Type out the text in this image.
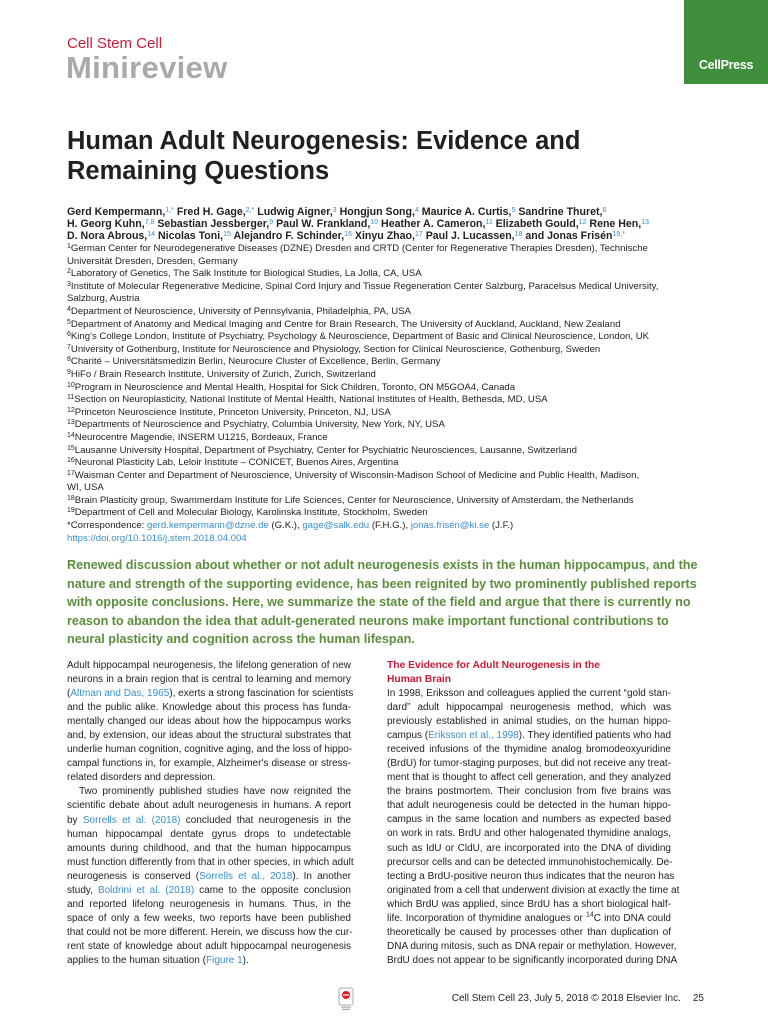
Cell Stem Cell
Minireview	CellPress
Human Adult Neurogenesis: Evidence and
Remaining Questions
Gerd Kempermann,$^{1,*}$ Fred H. Gage,$^{2,*}$ Ludwig Aigner,$^3$ Hongjun Song,$^4$ Maurice A. Curtis,$^5$ Sandrine Thuret,$^6$
H. Georg Kuhn,$^{7,8}$ Sebastian Jessberger,$^9$ Paul W. Frankland,$^{10}$ Heather A. Cameron,$^{11}$ Elizabeth Gould,$^{12}$ Rene Hen,$^{13}$
D. Nora Abrous,$^{14}$ Nicolas Toni,$^{15}$ Alejandro F. Schinder,$^{16}$ Xinyu Zhao,$^{17}$ Paul J. Lucassen,$^{18}$ and Jonas Frisén$^{19,*}$
$^1$German Center for Neurodegenerative Diseases (DZNE) Dresden and CRTD (Center for Regenerative Therapies Dresden), Technische
Universität Dresden, Dresden, Germany
$^2$Laboratory of Genetics, The Salk Institute for Biological Studies, La Jolla, CA, USA
$^3$Institute of Molecular Regenerative Medicine, Spinal Cord Injury and Tissue Regeneration Center Salzburg, Paracelsus Medical University,
Salzburg, Austria
$^4$Department of Neuroscience, University of Pennsylvania, Philadelphia, PA, USA
$^5$Department of Anatomy and Medical Imaging and Centre for Brain Research, The University of Auckland, Auckland, New Zealand
$^6$King's College London, Institute of Psychiatry, Psychology & Neuroscience, Department of Basic and Clinical Neuroscience, London, UK
$^7$University of Gothenburg, Institute for Neuroscience and Physiology, Section for Clinical Neuroscience, Gothenburg, Sweden
$^8$Charité – Universitätsmedizin Berlin, Neurocure Cluster of Excellence, Berlin, Germany
$^9$HiFo / Brain Research Institute, University of Zurich, Zurich, Switzerland
$^{10}$Program in Neuroscience and Mental Health, Hospital for Sick Children, Toronto, ON M5GOA4, Canada
$^{11}$Section on Neuroplasticity, National Institute of Mental Health, National Institutes of Health, Bethesda, MD, USA
$^{12}$Princeton Neuroscience Institute, Princeton University, Princeton, NJ, USA
$^{13}$Departments of Neuroscience and Psychiatry, Columbia University, New York, NY, USA
$^{14}$Neurocentre Magendie, INSERM U1215, Bordeaux, France
$^{15}$Lausanne University Hospital, Department of Psychiatry, Center for Psychiatric Neurosciences, Lausanne, Switzerland
$^{16}$Neuronal Plasticity Lab, Leloir Institute – CONICET, Buenos Aires, Argentina
$^{17}$Waisman Center and Department of Neuroscience, University of Wisconsin-Madison School of Medicine and Public Health, Madison,
WI, USA
$^{18}$Brain Plasticity group, Swammerdam Institute for Life Sciences, Center for Neuroscience, University of Amsterdam, the Netherlands
$^{19}$Department of Cell and Molecular Biology, Karolinska Institute, Stockholm, Sweden
*Correspondence: gerd.kempermann@dzne.de (G.K.), gage@salk.edu (F.H.G.), jonas.frisén@ki.se (J.F.)
https://doi.org/10.1016/j.stem.2018.04.004

Renewed discussion about whether or not adult neurogenesis exists in the human hippocampus, and the nature and strength of the supporting evidence, has been reignited by two prominently published reports with opposite conclusions. Here, we summarize the state of the field and argue that there is currently no reason to abandon the idea that adult-generated neurons make important functional contributions to neural plasticity and cognition across the human lifespan.

Adult hippocampal neurogenesis, the lifelong generation of new
neurons in a brain region that is central to learning and memory
(Altman and Das, 1965), exerts a strong fascination for scientists
and the public alike. Knowledge about this process has funda-
mentally changed our ideas about how the hippocampus works
and, by extension, our ideas about the structural substrates that
underlie human cognition, cognitive aging, and the loss of hippo-
campal functions in, for example, Alzheimer's disease or stress-
related disorders and depression.

Two prominently published studies have now reignited the
scientific debate about adult neurogenesis in humans. A report
by Sorrells et al. (2018) concluded that neurogenesis in the
human hippocampal dentate gyrus drops to undetectable
amounts during childhood, and that the human hippocampus
must function differently from that in other species, in which adult
neurogenesis is conserved (Sorrells et al., 2018). In another
study, Boldrini et al. (2018) came to the opposite conclusion
and reported lifelong neurogenesis in humans. Thus, in the
space of only a few weeks, two reports have been published
that could not be more different. Herein, we discuss how the cur-
rent state of knowledge about adult hippocampal neurogenesis
applies to the human situation (Figure 1).

The Evidence for Adult Neurogenesis in the
Human Brain

In 1998, Eriksson and colleagues applied the current “gold stan-
dard” adult hippocampal neurogenesis method, which was
previously established in animal studies, on the human hippo-
campus (Eriksson et al., 1998). They identified patients who had
received infusions of the thymidine analog bromodeoxyuridine
(BrdU) for tumor-staging purposes, but did not receive any treat-
ment that is thought to affect cell generation, and they analyzed
the brains postmortem. Their conclusion from five brains was
that adult neurogenesis could be detected in the human hippo-
campus in the same location and numbers as expected based
on work in rats. BrdU and other halogenated thymidine analogs,
such as IdU or CldU, are incorporated into the DNA of dividing
precursor cells and can be detected immunohistochemically. De-
tecting a BrdU-positive neuron thus indicates that the neuron has
originated from a cell that underwent division at exactly the time at
which BrdU was applied, since BrdU has a short biological half-
life. Incorporation of thymidine analogues or $^{14}$C into DNA could
theoretically be caused by processes other than duplication of
DNA during mitosis, such as DNA repair or methylation. However,
BrdU does not appear to be significantly incorporated during DNA

Cell Stem Cell 23, July 5, 2018 © 2018 Elsevier Inc. 25
